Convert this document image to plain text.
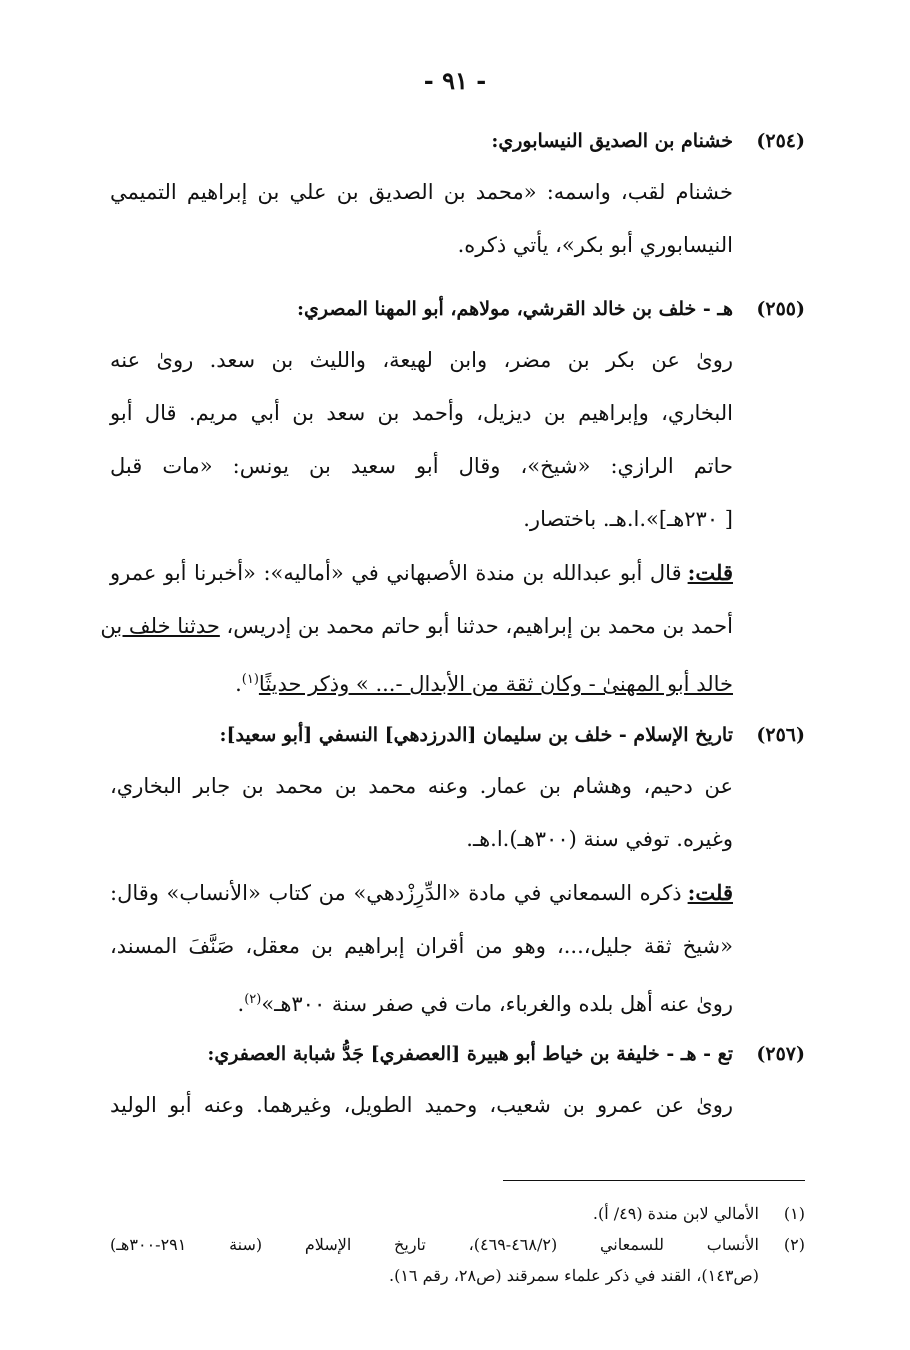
- ٩١ -
(٢٥٤)
خشنام بن الصديق النيسابوري:

خشنام لقب، واسمه: «محمد بن الصديق بن علي بن إبراهيم التميمي
النيسابوري أبو بكر»، يأتي ذكره.

(٢٥٥)
هـ - خلف بن خالد القرشي، مولاهم، أبو المهنا المصري:

روىٰ عن بكر بن مضر، وابن لهيعة، والليث بن سعد. روىٰ عنه
البخاري، وإبراهيم بن ديزيل، وأحمد بن سعد بن أبي مريم. قال أبو
حاتم الرازي: «شيخ»، وقال أبو سعيد بن يونس: «مات قبل
[ ٢٣٠هـ]».ا.هـ. باختصار.
قلت:قال أبو عبدالله بن مندة الأصبهاني في «أماليه»: «أخبرنا أبو عمرو
أحمد بن محمد بن إبراهيم، حدثنا أبو حاتم محمد بن إدريس، حدثنا خلف بن
خالد أبو المهنىٰ - وكان ثقة من الأبدال -... » وذكر حديثًا$^{(١)}$.

(٢٥٦)
تاريخ الإسلام - خلف بن سليمان [الدرزدهي] النسفي [أبو سعيد]:

عن دحيم، وهشام بن عمار. وعنه محمد بن محمد بن جابر البخاري،
وغيره. توفي سنة (٣٠٠هـ).ا.هـ.
قلت:ذكره السمعاني في مادة «الدِّرِزْدهي» من كتاب «الأنساب» وقال:
«شيخ ثقة جليل،...، وهو من أقران إبراهيم بن معقل، صَنَّفَ المسند،
روىٰ عنه أهل بلده والغرباء، مات في صفر سنة ٣٠٠هـ»$^{(٢)}$.

(٢٥٧)
تع - هـ - خليفة بن خياط أبو هبيرة [العصفري] جَدُّ شبابة العصفري:

روىٰ عن عمرو بن شعيب، وحميد الطويل، وغيرهما. وعنه أبو الوليد

(١)
الأمالي لابن مندة (٤٩/ أ).
(٢)
الأنساب للسمعاني (٤٦٨/٢-٤٦٩)، تاريخ الإسلام (سنة ٢٩١-٣٠٠هـ)
(ص١٤٣)، القند في ذكر علماء سمرقند (ص٢٨، رقم ١٦).
